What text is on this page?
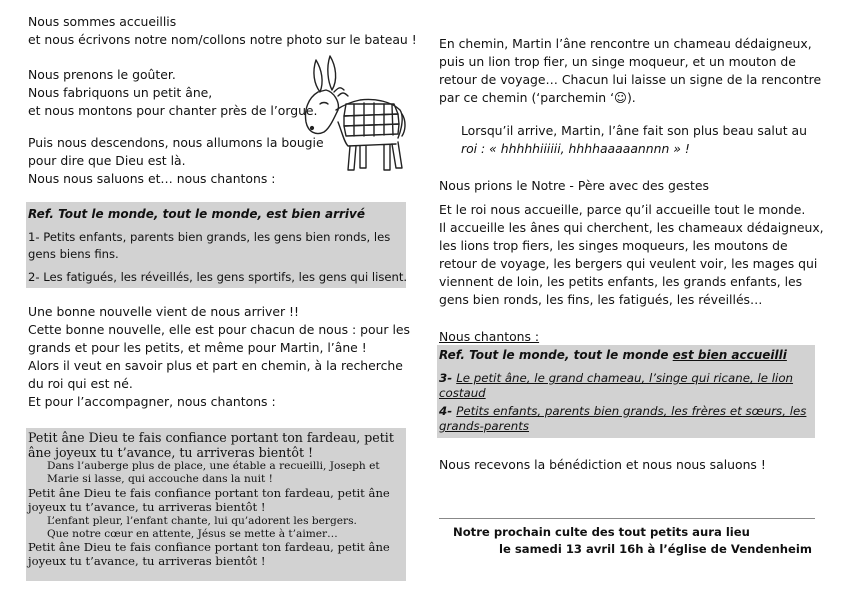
Nous sommes accueillis

et nous écrivons notre nom/collons notre photo sur le bateau !

Nous prenons le goûter.

Nous fabriquons un petit âne,

et nous montons pour chanter près de l’orgue.

Puis nous descendons, nous allumons la bougie

pour dire que Dieu est là.

Nous nous saluons et… nous chantons :

Ref. Tout le monde, tout le monde, est bien arrivé

1- Petits enfants, parents bien grands, les gens bien ronds, les

gens biens fins.

2- Les fatigués, les réveillés, les gens sportifs, les gens qui lisent.

Une bonne nouvelle vient de nous arriver !!

Cette bonne nouvelle, elle est pour chacun de nous : pour les

grands et pour les petits, et même pour Martin, l’âne !

Alors il veut en savoir plus et part en chemin, à la recherche

du roi qui est né.

Et pour l’accompagner, nous chantons :

Petit âne Dieu te fais confiance portant ton fardeau, petit
âne joyeux tu t’avance, tu arriveras bientôt !
Dans l’auberge plus de place, une étable a recueilli, Joseph et
Marie si lasse, qui accouche dans la nuit !
Petit âne Dieu te fais confiance portant ton fardeau, petit âne
joyeux tu t’avance, tu arriveras bientôt !
L’enfant pleur, l’enfant chante, lui qu’adorent les bergers.
Que notre cœur en attente, Jésus se mette à t’aimer…
Petit âne Dieu te fais confiance portant ton fardeau, petit âne
joyeux tu t’avance, tu arriveras bientôt !

En chemin, Martin l’âne rencontre un chameau dédaigneux,

puis un lion trop fier, un singe moqueur, et un mouton de

retour de voyage… Chacun lui laisse un signe de la rencontre

par ce chemin (‘parchemin ‘☺).

Lorsqu’il arrive, Martin, l’âne fait son plus beau salut au

roi : « hhhhhiiiiii, hhhhaaaaannnn » !

Nous prions le Notre - Père avec des gestes

Et le roi nous accueille, parce qu’il accueille tout le monde.

Il accueille les ânes qui cherchent, les chameaux dédaigneux,

les lions trop fiers, les singes moqueurs, les moutons de

retour de voyage, les bergers qui veulent voir, les mages qui

viennent de loin, les petits enfants, les grands enfants, les

gens bien ronds, les fins, les fatigués, les réveillés…

Nous chantons :

Ref. Tout le monde, tout le monde est bien accueilli

3- Le petit âne, le grand chameau, l’singe qui ricane, le lion

costaud

4- Petits enfants, parents bien grands, les frères et sœurs, les

grands-parents

Nous recevons la bénédiction et nous nous saluons !

Notre prochain culte des tout petits aura lieu

le samedi 13 avril 16h à l’église de Vendenheim
